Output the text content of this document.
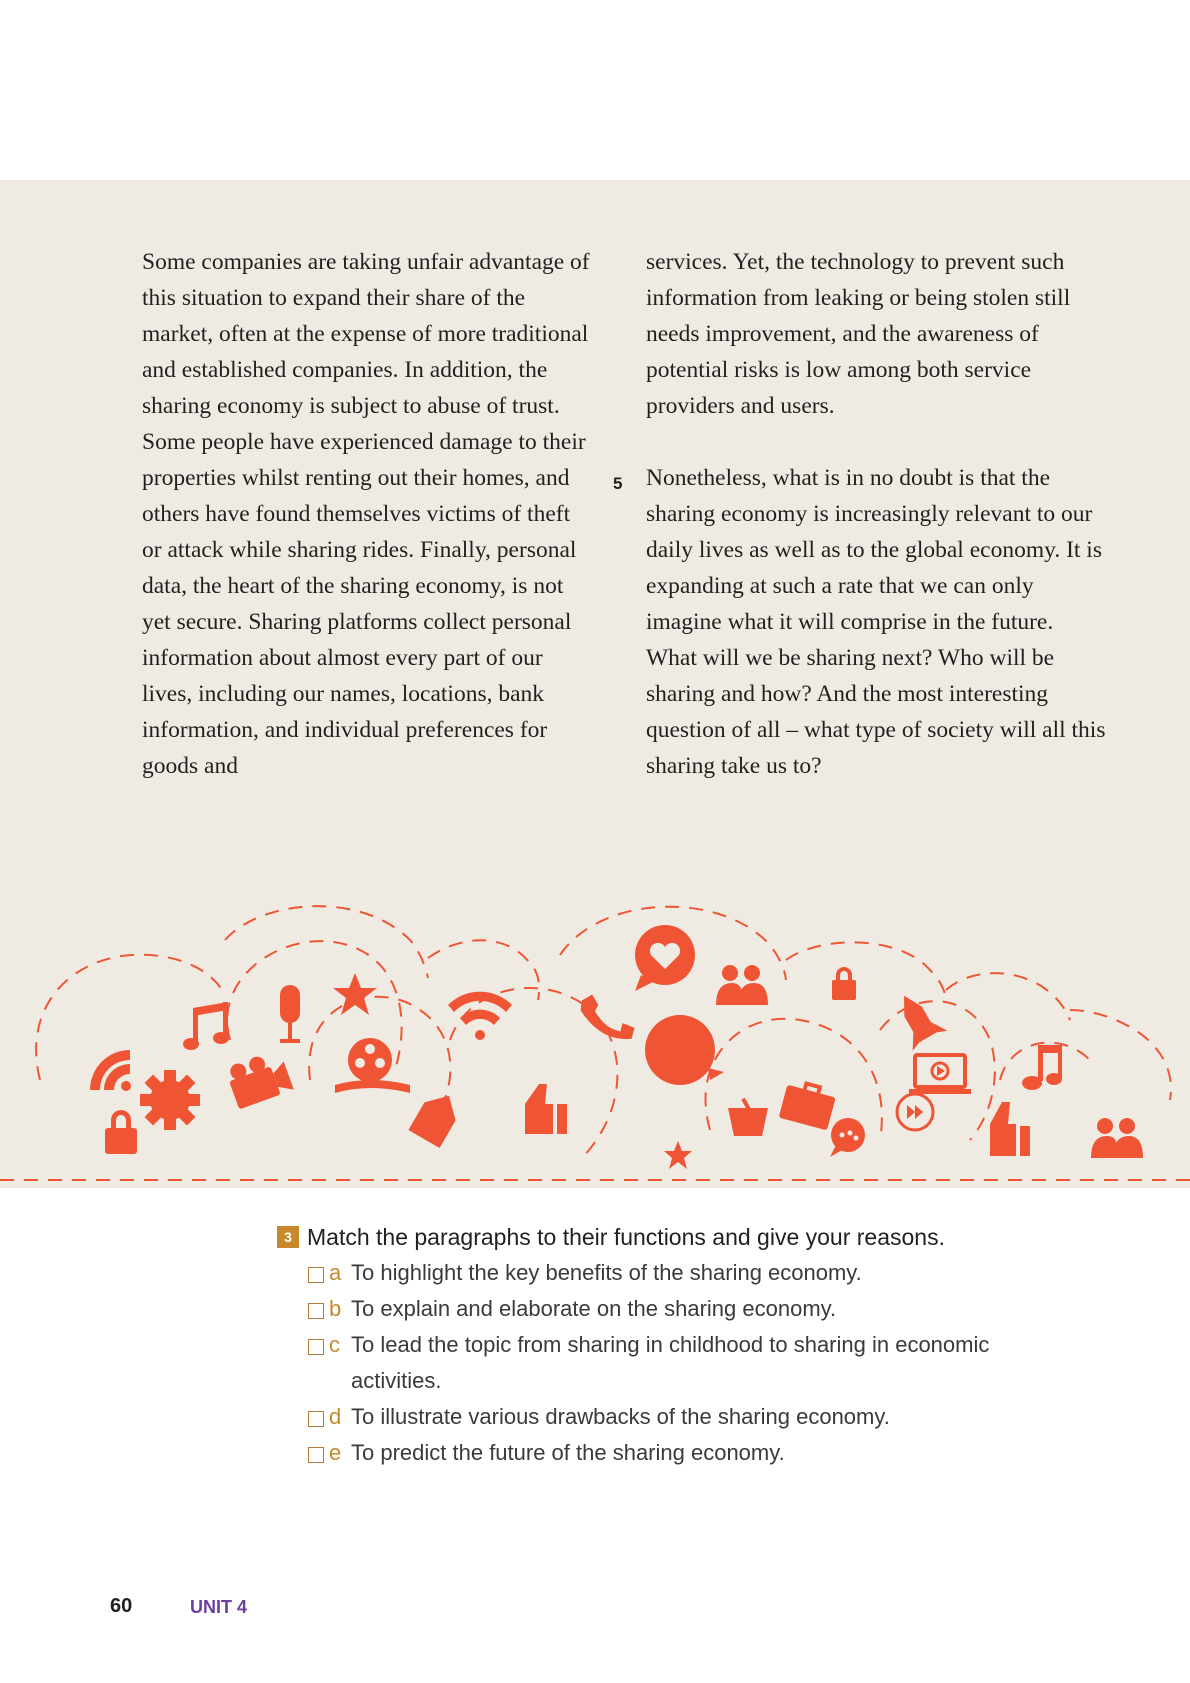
Some companies are taking unfair advantage of this situation to expand their share of the market, often at the expense of more traditional and established companies. In addition, the sharing economy is subject to abuse of trust. Some people have experienced damage to their properties whilst renting out their homes, and others have found themselves victims of theft or attack while sharing rides. Finally, personal data, the heart of the sharing economy, is not yet secure. Sharing platforms collect personal information about almost every part of our lives, including our names, locations, bank information, and individual preferences for goods and

services. Yet, the technology to prevent such information from leaking or being stolen still needs improvement, and the awareness of potential risks is low among both service providers and users.

Nonetheless, what is in no doubt is that the sharing economy is increasingly relevant to our daily lives as well as to the global economy. It is expanding at such a rate that we can only imagine what it will comprise in the future. What will we be sharing next? Who will be sharing and how? And the most interesting question of all – what type of society will all this sharing take us to?

5
3 Match the paragraphs to their functions and give your reasons.
a To highlight the key benefits of the sharing economy.
b To explain and elaborate on the sharing economy.
c To lead the topic from sharing in childhood to sharing in economic activities.
d To illustrate various drawbacks of the sharing economy.
e To predict the future of the sharing economy.
60	UNIT 4
